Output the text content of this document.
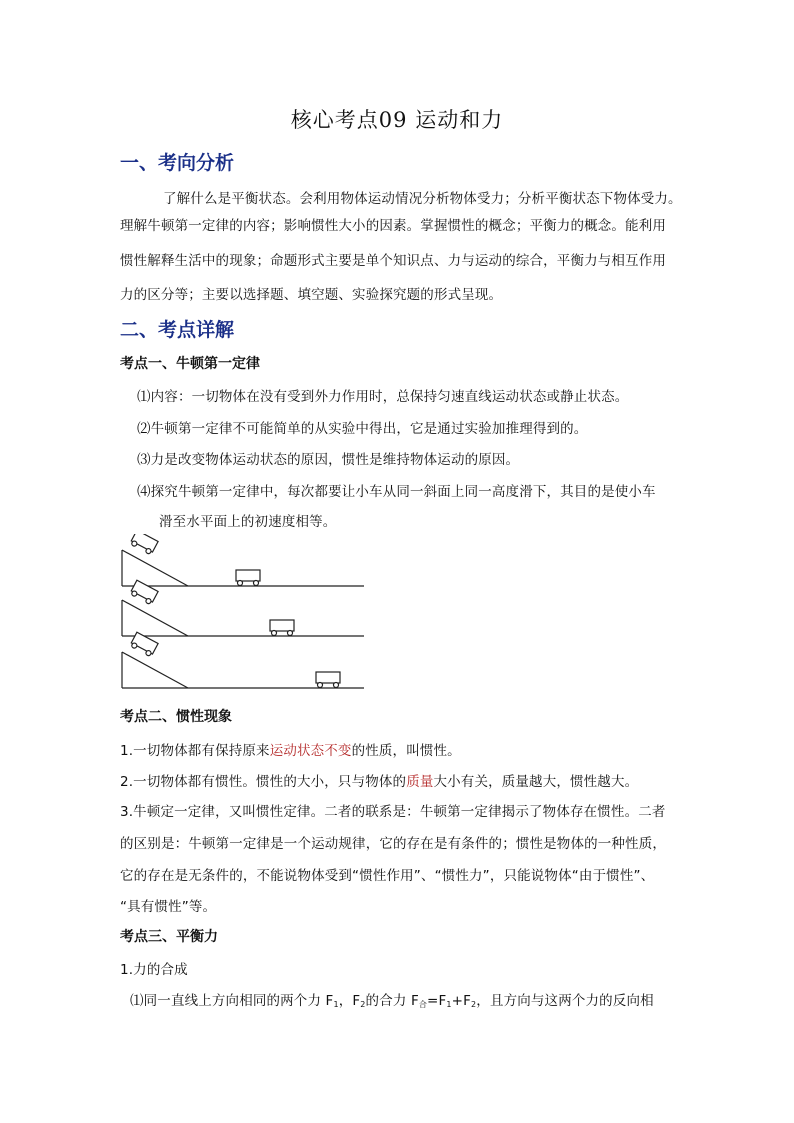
核心考点09 运动和力
一、考向分析
了解什么是平衡状态。会利用物体运动情况分析物体受力；分析平衡状态下物体受力。
理解牛顿第一定律的内容；影响惯性大小的因素。掌握惯性的概念；平衡力的概念。能利用
惯性解释生活中的现象；命题形式主要是单个知识点、力与运动的综合，平衡力与相互作用
力的区分等；主要以选择题、填空题、实验探究题的形式呈现。
二、考点详解
考点一、牛顿第一定律
⑴内容：一切物体在没有受到外力作用时，总保持匀速直线运动状态或静止状态。
⑵牛顿第一定律不可能简单的从实验中得出，它是通过实验加推理得到的。
⑶力是改变物体运动状态的原因，惯性是维持物体运动的原因。
⑷探究牛顿第一定律中，每次都要让小车从同一斜面上同一高度滑下，其目的是使小车
滑至水平面上的初速度相等。
考点二、惯性现象
1.一切物体都有保持原来运动状态不变的性质，叫惯性。
2.一切物体都有惯性。惯性的大小，只与物体的质量大小有关，质量越大，惯性越大。
3.牛顿定一定律，又叫惯性定律。二者的联系是：牛顿第一定律揭示了物体存在惯性。二者
的区别是：牛顿第一定律是一个运动规律，它的存在是有条件的；惯性是物体的一种性质，
它的存在是无条件的，不能说物体受到“惯性作用”、“惯性力”，只能说物体“由于惯性”、
“具有惯性”等。
考点三、平衡力
1.力的合成
⑴同一直线上方向相同的两个力 $F_1$，$F_2$的合力 $F_合=F_1+F_2$，且方向与这两个力的反向相
